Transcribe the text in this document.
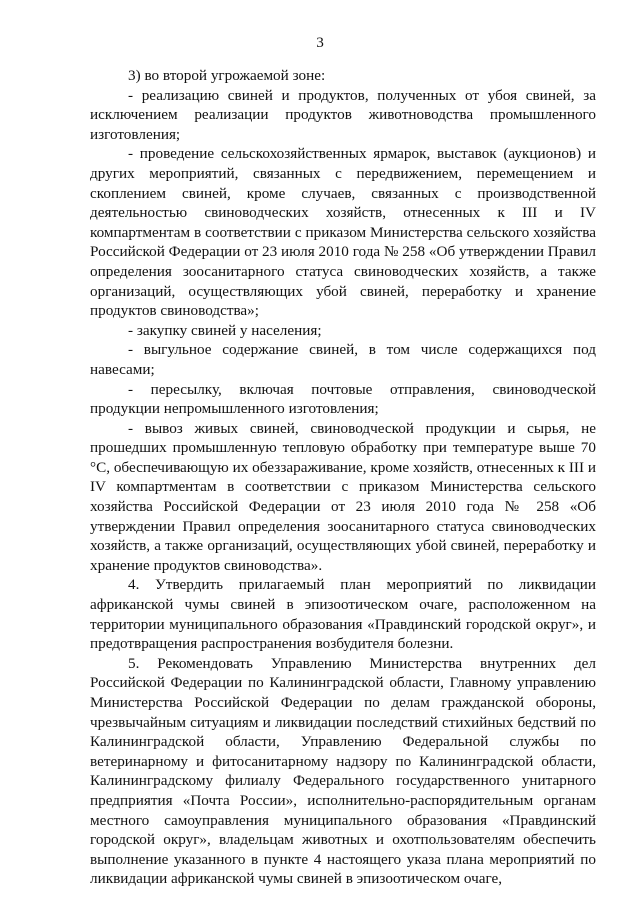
3

3) во второй угрожаемой зоне:

- реализацию свиней и продуктов, полученных от убоя свиней, за исключением реализации продуктов животноводства промышленного изготовления;

- проведение сельскохозяйственных ярмарок, выставок (аукционов) и других мероприятий, связанных с передвижением, перемещением и скоплением свиней, кроме случаев, связанных с производственной деятельностью свиноводческих хозяйств, отнесенных к III и IV компартментам в соответствии с приказом Министерства сельского хозяйства Российской Федерации от 23 июля 2010 года № 258 «Об утверждении Правил определения зоосанитарного статуса свиноводческих хозяйств, а также организаций, осуществляющих убой свиней, переработку и хранение продуктов свиноводства»;

- закупку свиней у населения;

- выгульное содержание свиней, в том числе содержащихся под навесами;

- пересылку, включая почтовые отправления, свиноводческой продукции непромышленного изготовления;

- вывоз живых свиней, свиноводческой продукции и сырья, не прошедших промышленную тепловую обработку при температуре выше 70 °С, обеспечивающую их обеззараживание, кроме хозяйств, отнесенных к III и IV компартментам в соответствии с приказом Министерства сельского хозяйства Российской Федерации от 23 июля 2010 года № 258 «Об утверждении Правил определения зоосанитарного статуса свиноводческих хозяйств, а также организаций, осуществляющих убой свиней, переработку и хранение продуктов свиноводства».

4. Утвердить прилагаемый план мероприятий по ликвидации африканской чумы свиней в эпизоотическом очаге, расположенном на территории муниципального образования «Правдинский городской округ», и предотвращения распространения возбудителя болезни.

5. Рекомендовать Управлению Министерства внутренних дел Российской Федерации по Калининградской области, Главному управлению Министерства Российской Федерации по делам гражданской обороны, чрезвычайным ситуациям и ликвидации последствий стихийных бедствий по Калининградской области, Управлению Федеральной службы по ветеринарному и фитосанитарному надзору по Калининградской области, Калининградскому филиалу Федерального государственного унитарного предприятия «Почта России», исполнительно-распорядительным органам местного самоуправления муниципального образования «Правдинский городской округ», владельцам животных и охотпользователям обеспечить выполнение указанного в пункте 4 настоящего указа плана мероприятий по ликвидации африканской чумы свиней в эпизоотическом очаге,
